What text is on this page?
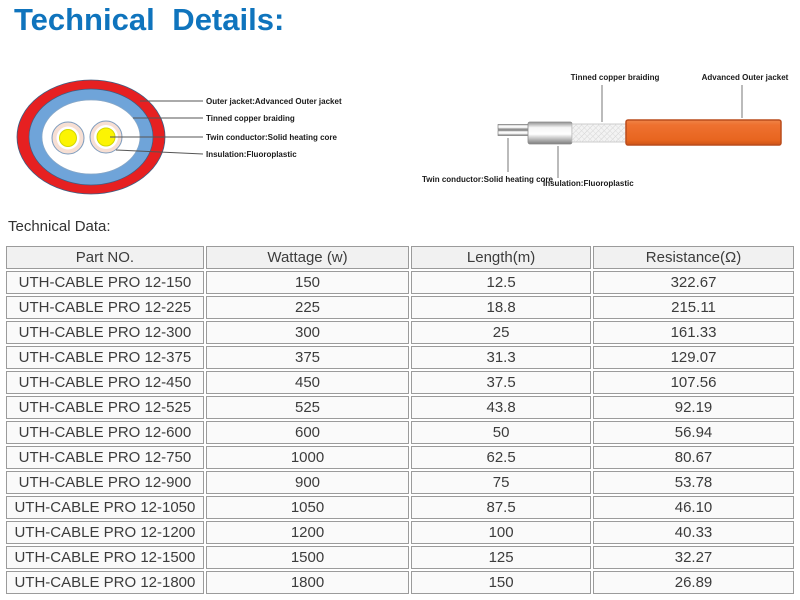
Technical Details:
Outer jacket:Advanced Outer jacket
Tinned copper braiding
Twin conductor:Solid heating core
Insulation:Fluoroplastic
Tinned copper braiding	Advanced Outer jacket
Twin conductor:Solid heating core
Insulation:Fluoroplastic
Technical Data:
Part NO.	Wattage (w)	Length(m)	Resistance(Ω)
UTH-CABLE PRO 12-150	150	12.5	322.67
UTH-CABLE PRO 12-225	225	18.8	215.11
UTH-CABLE PRO 12-300	300	25	161.33
UTH-CABLE PRO 12-375	375	31.3	129.07
UTH-CABLE PRO 12-450	450	37.5	107.56
UTH-CABLE PRO 12-525	525	43.8	92.19
UTH-CABLE PRO 12-600	600	50	56.94
UTH-CABLE PRO 12-750	1000	62.5	80.67
UTH-CABLE PRO 12-900	900	75	53.78
UTH-CABLE PRO 12-1050	1050	87.5	46.10
UTH-CABLE PRO 12-1200	1200	100	40.33
UTH-CABLE PRO 12-1500	1500	125	32.27
UTH-CABLE PRO 12-1800	1800	150	26.89
